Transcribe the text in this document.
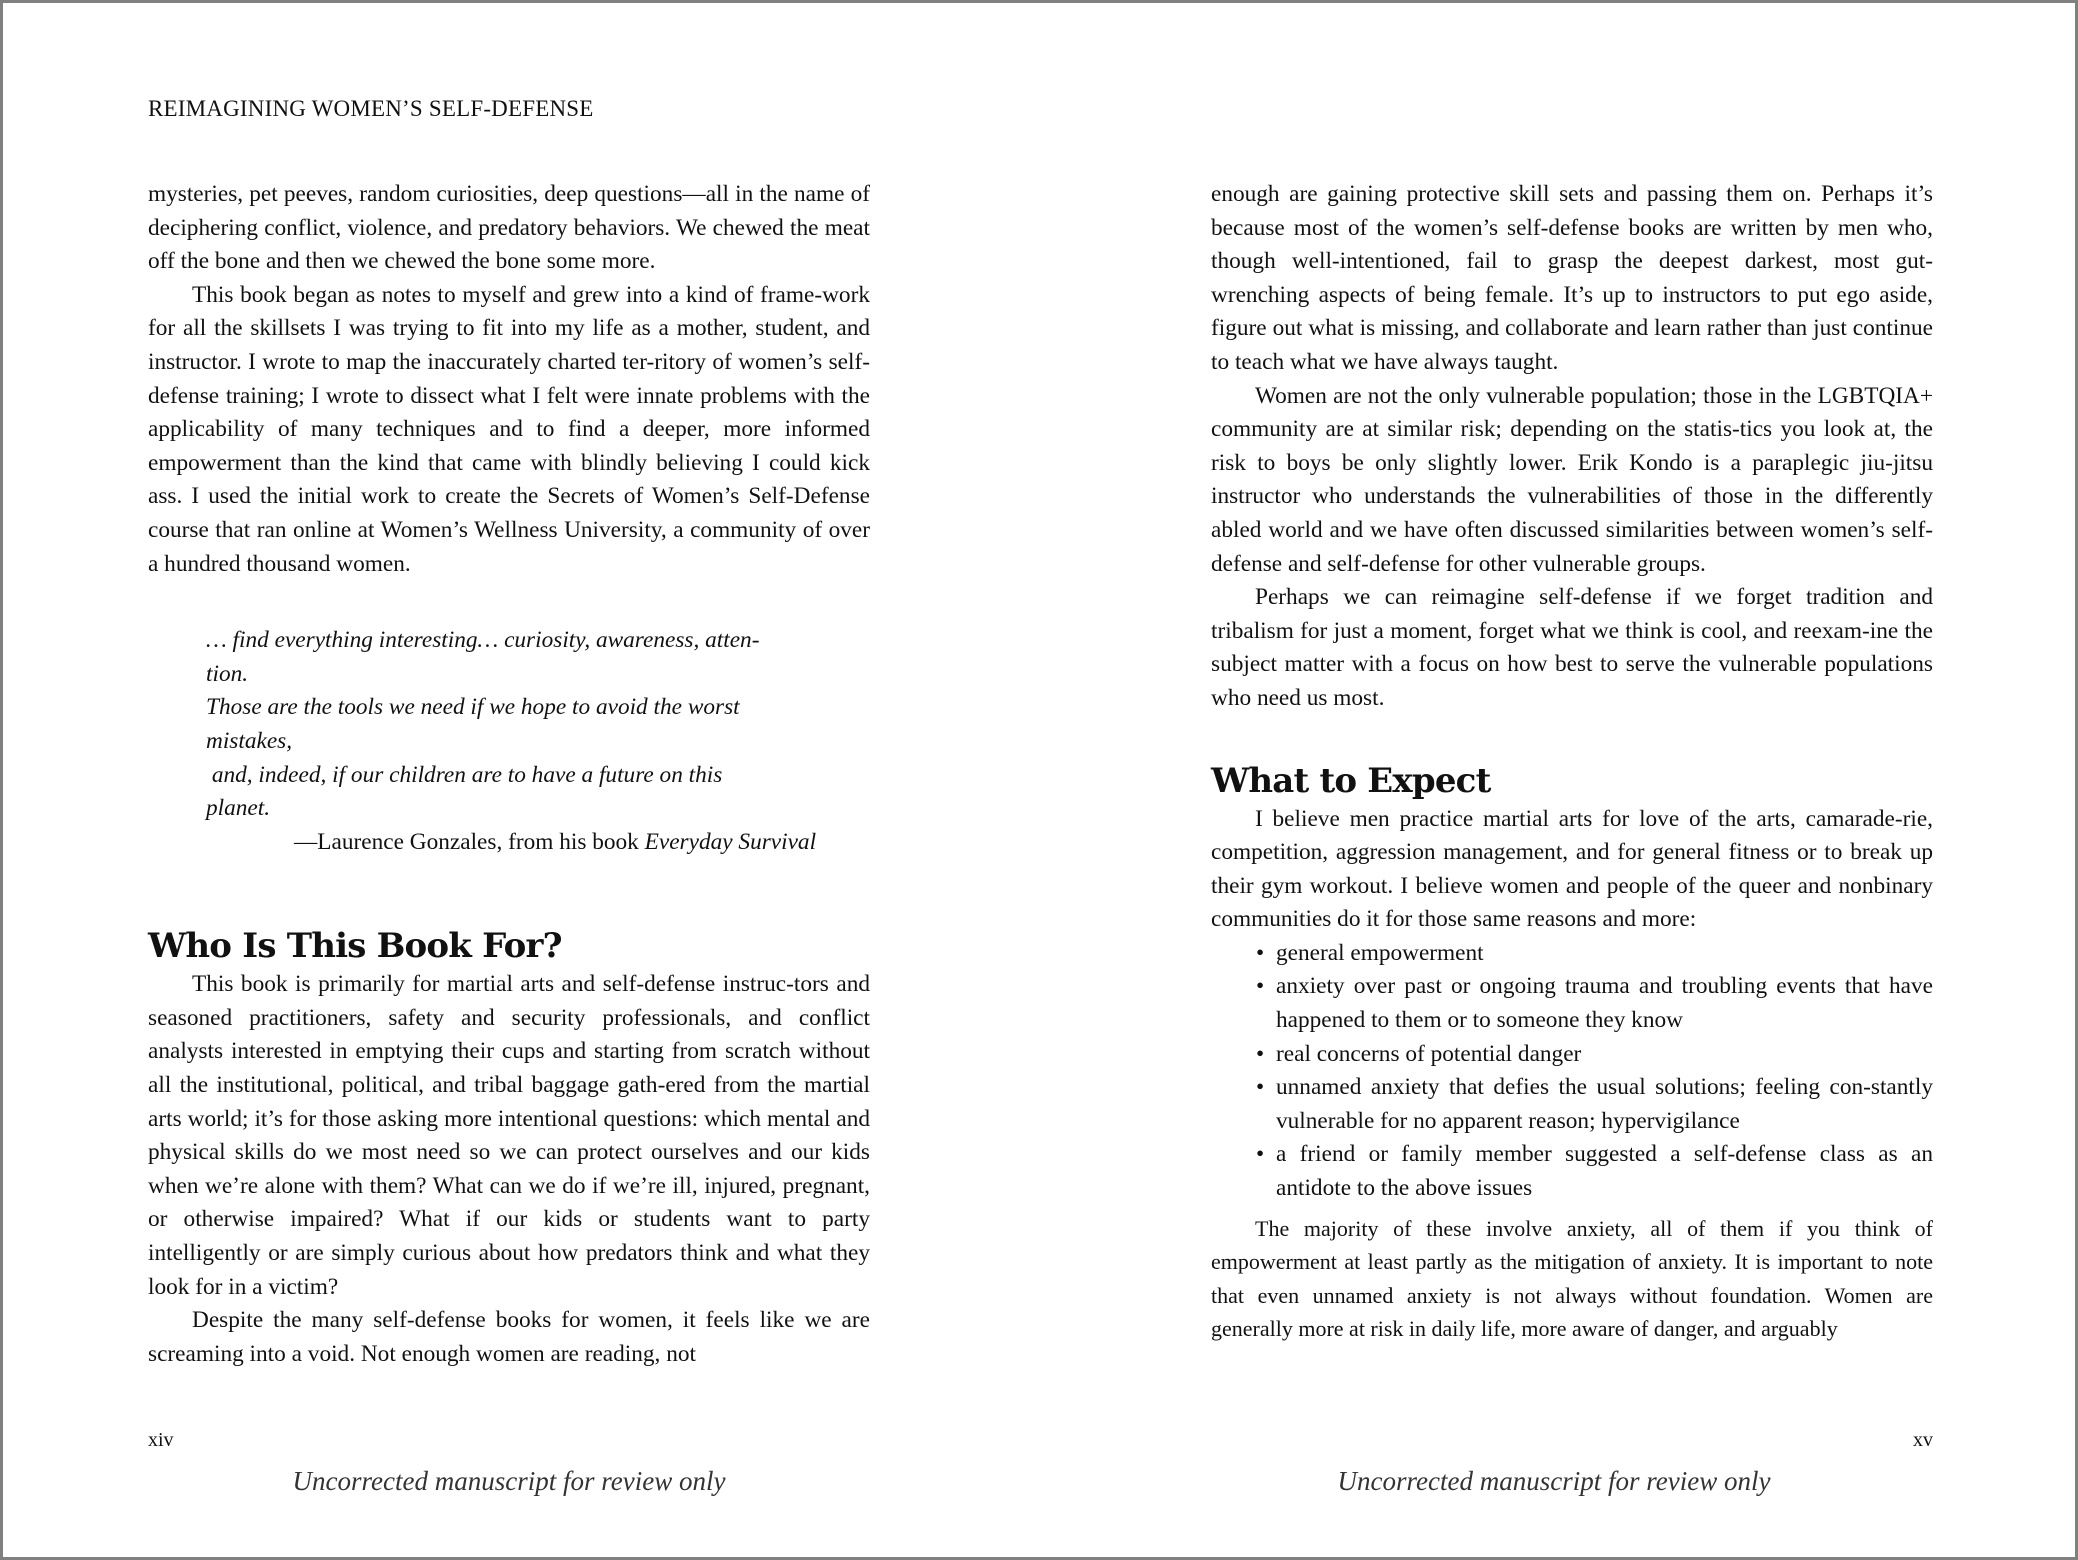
REIMAGINING WOMEN’S SELF-DEFENSE

mysteries, pet peeves, random curiosities, deep questions—all in the name of deciphering conflict, violence, and predatory behaviors. We chewed the meat off the bone and then we chewed the bone some more.

This book began as notes to myself and grew into a kind of frame-work for all the skillsets I was trying to fit into my life as a mother, student, and instructor. I wrote to map the inaccurately charted ter-ritory of women’s self-defense training; I wrote to dissect what I felt were innate problems with the applicability of many techniques and to find a deeper, more informed empowerment than the kind that came with blindly believing I could kick ass. I used the initial work to create the Secrets of Women’s Self-Defense course that ran online at Women’s Wellness University, a community of over a hundred thousand women.

… find everything interesting… curiosity, awareness, atten-
tion.
Those are the tools we need if we hope to avoid the worst
mistakes,
and, indeed, if our children are to have a future on this
planet.
—Laurence Gonzales, from his book Everyday Survival
Who Is This Book For?

This book is primarily for martial arts and self-defense instruc-tors and seasoned practitioners, safety and security professionals, and conflict analysts interested in emptying their cups and starting from scratch without all the institutional, political, and tribal baggage gath-ered from the martial arts world; it’s for those asking more intentional questions: which mental and physical skills do we most need so we can protect ourselves and our kids when we’re alone with them? What can we do if we’re ill, injured, pregnant, or otherwise impaired? What if our kids or students want to party intelligently or are simply curious about how predators think and what they look for in a victim?

Despite the many self-defense books for women, it feels like we are screaming into a void. Not enough women are reading, not

xiv
Uncorrected manuscript for review only

enough are gaining protective skill sets and passing them on. Perhaps it’s because most of the women’s self-defense books are written by men who, though well-intentioned, fail to grasp the deepest darkest, most gut-wrenching aspects of being female. It’s up to instructors to put ego aside, figure out what is missing, and collaborate and learn rather than just continue to teach what we have always taught.

Women are not the only vulnerable population; those in the LGBTQIA+ community are at similar risk; depending on the statis-tics you look at, the risk to boys be only slightly lower. Erik Kondo is a paraplegic jiu-jitsu instructor who understands the vulnerabilities of those in the differently abled world and we have often discussed similarities between women’s self-defense and self-defense for other vulnerable groups.

Perhaps we can reimagine self-defense if we forget tradition and tribalism for just a moment, forget what we think is cool, and reexam-ine the subject matter with a focus on how best to serve the vulnerable populations who need us most.

What to Expect

I believe men practice martial arts for love of the arts, camarade-rie, competition, aggression management, and for general fitness or to break up their gym workout. I believe women and people of the queer and nonbinary communities do it for those same reasons and more:

• general empowerment
• anxiety over past or ongoing trauma and troubling events that have happened to them or to someone they know
• real concerns of potential danger
• unnamed anxiety that defies the usual solutions; feeling con-stantly vulnerable for no apparent reason; hypervigilance
• a friend or family member suggested a self-defense class as an antidote to the above issues

The majority of these involve anxiety, all of them if you think of empowerment at least partly as the mitigation of anxiety. It is important to note that even unnamed anxiety is not always without foundation. Women are generally more at risk in daily life, more aware of danger, and arguably

xv
Uncorrected manuscript for review only
